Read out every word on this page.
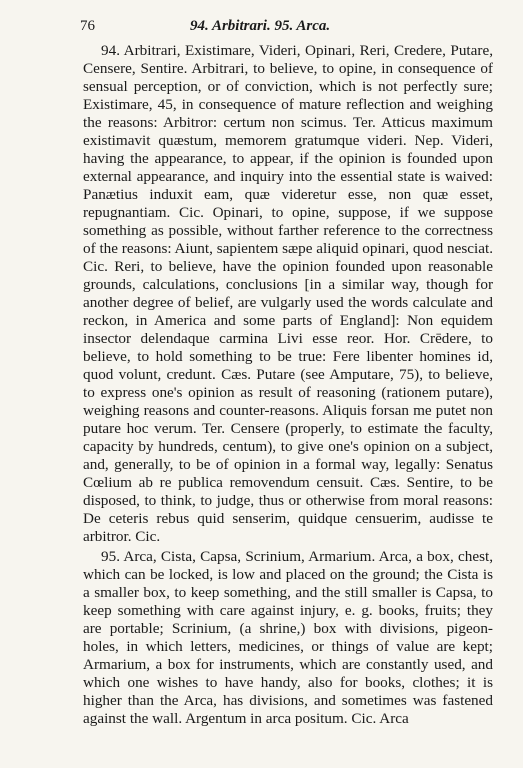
76	94. Arbitrari. 95. Arca.

94. Arbitrari, Existimare, Videri, Opinari, Reri, Credere, Putare, Censere, Sentire. Arbitrari, to believe, to opine, in consequence of sensual perception, or of conviction, which is not perfectly sure; Existimare, 45, in consequence of mature reflection and weighing the reasons: Arbitror: certum non scimus. Ter. Atticus maximum existimavit quæstum, memorem gratumque videri. Nep. Videri, having the appearance, to appear, if the opinion is founded upon external appearance, and inquiry into the essential state is waived: Panætius induxit eam, quæ videretur esse, non quæ esset, repugnantiam. Cic. Opinari, to opine, suppose, if we suppose something as possible, without farther reference to the correctness of the reasons: Aiunt, sapientem sæpe aliquid opinari, quod nesciat. Cic. Reri, to believe, have the opinion founded upon reasonable grounds, calculations, conclusions [in a similar way, though for another degree of belief, are vulgarly used the words calculate and reckon, in America and some parts of England]: Non equidem insector delendaque carmina Livi esse reor. Hor. Crēdere, to believe, to hold something to be true: Fere libenter homines id, quod volunt, credunt. Cæs. Putare (see Amputare, 75), to believe, to express one's opinion as result of reasoning (rationem putare), weighing reasons and counter-reasons. Aliquis forsan me putet non putare hoc verum. Ter. Censere (properly, to estimate the faculty, capacity by hundreds, centum), to give one's opinion on a subject, and, generally, to be of opinion in a formal way, legally: Senatus Cœlium ab re publica removendum censuit. Cæs. Sentire, to be disposed, to think, to judge, thus or otherwise from moral reasons: De ceteris rebus quid senserim, quidque censuerim, audisse te arbitror. Cic.

95. Arca, Cista, Capsa, Scrinium, Armarium. Arca, a box, chest, which can be locked, is low and placed on the ground; the Cista is a smaller box, to keep something, and the still smaller is Capsa, to keep something with care against injury, e. g. books, fruits; they are portable; Scrinium, (a shrine,) box with divisions, pigeon-holes, in which letters, medicines, or things of value are kept; Armarium, a box for instruments, which are constantly used, and which one wishes to have handy, also for books, clothes; it is higher than the Arca, has divisions, and sometimes was fastened against the wall. Argentum in arca positum. Cic. Arca
